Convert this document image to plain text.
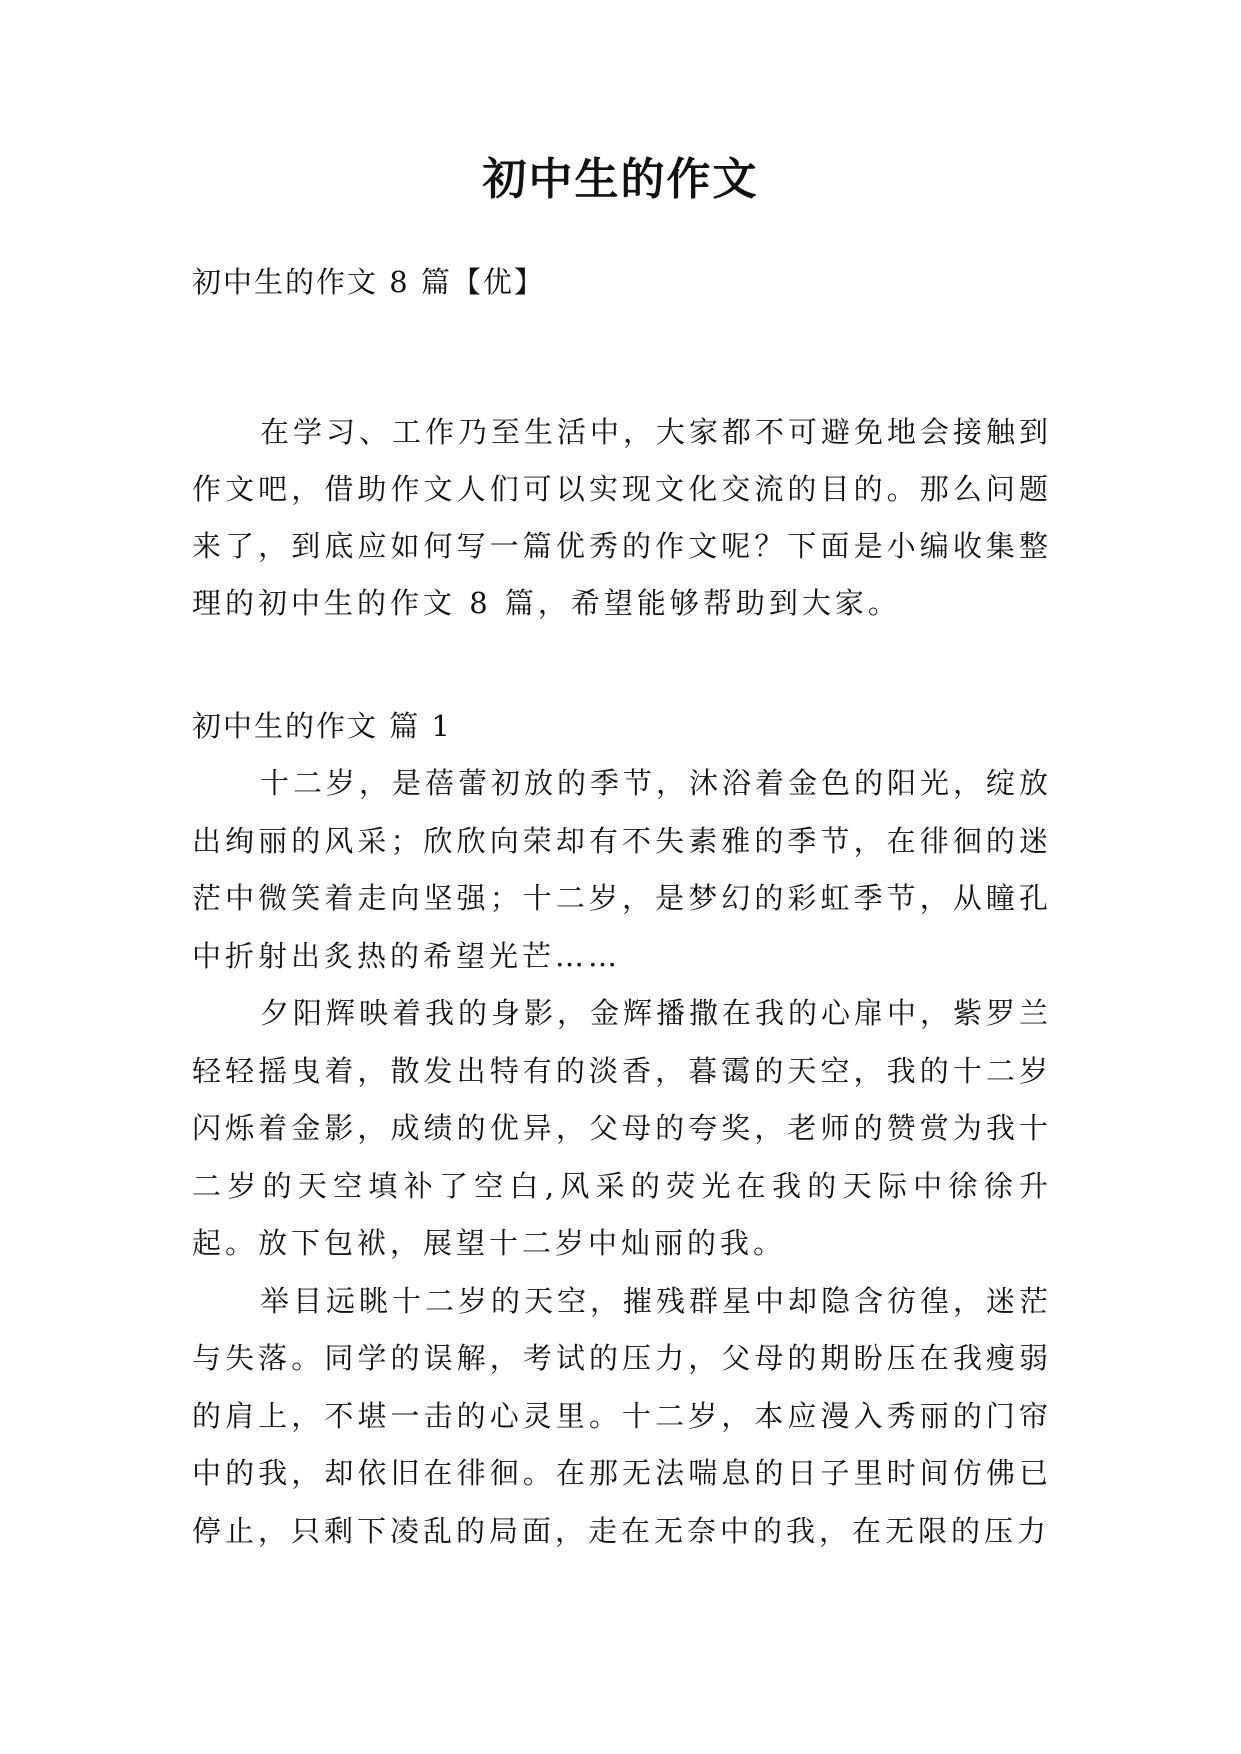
初中生的作文
初中生的作文 8 篇【优】

在学习、工作乃至生活中，大家都不可避免地会接触到作文吧，借助作文人们可以实现文化交流的目的。那么问题来了，到底应如何写一篇优秀的作文呢？下面是小编收集整理的初中生的作文 8 篇，希望能够帮助到大家。

初中生的作文 篇 1

十二岁，是蓓蕾初放的季节，沐浴着金色的阳光，绽放出绚丽的风采；欣欣向荣却有不失素雅的季节，在徘徊的迷茫中微笑着走向坚强；十二岁，是梦幻的彩虹季节，从瞳孔中折射出炙热的希望光芒……

夕阳辉映着我的身影，金辉播撒在我的心扉中，紫罗兰轻轻摇曳着，散发出特有的淡香，暮霭的天空，我的十二岁闪烁着金影，成绩的优异，父母的夸奖，老师的赞赏为我十二岁的天空填补了空白,风采的荧光在我的天际中徐徐升起。放下包袱，展望十二岁中灿丽的我。

举目远眺十二岁的天空，摧残群星中却隐含彷徨，迷茫与失落。同学的误解，考试的压力，父母的期盼压在我瘦弱的肩上，不堪一击的心灵里。十二岁，本应漫入秀丽的门帘中的我，却依旧在徘徊。在那无法喘息的日子里时间仿佛已停止，只剩下凌乱的局面，走在无奈中的我，在无限的压力
